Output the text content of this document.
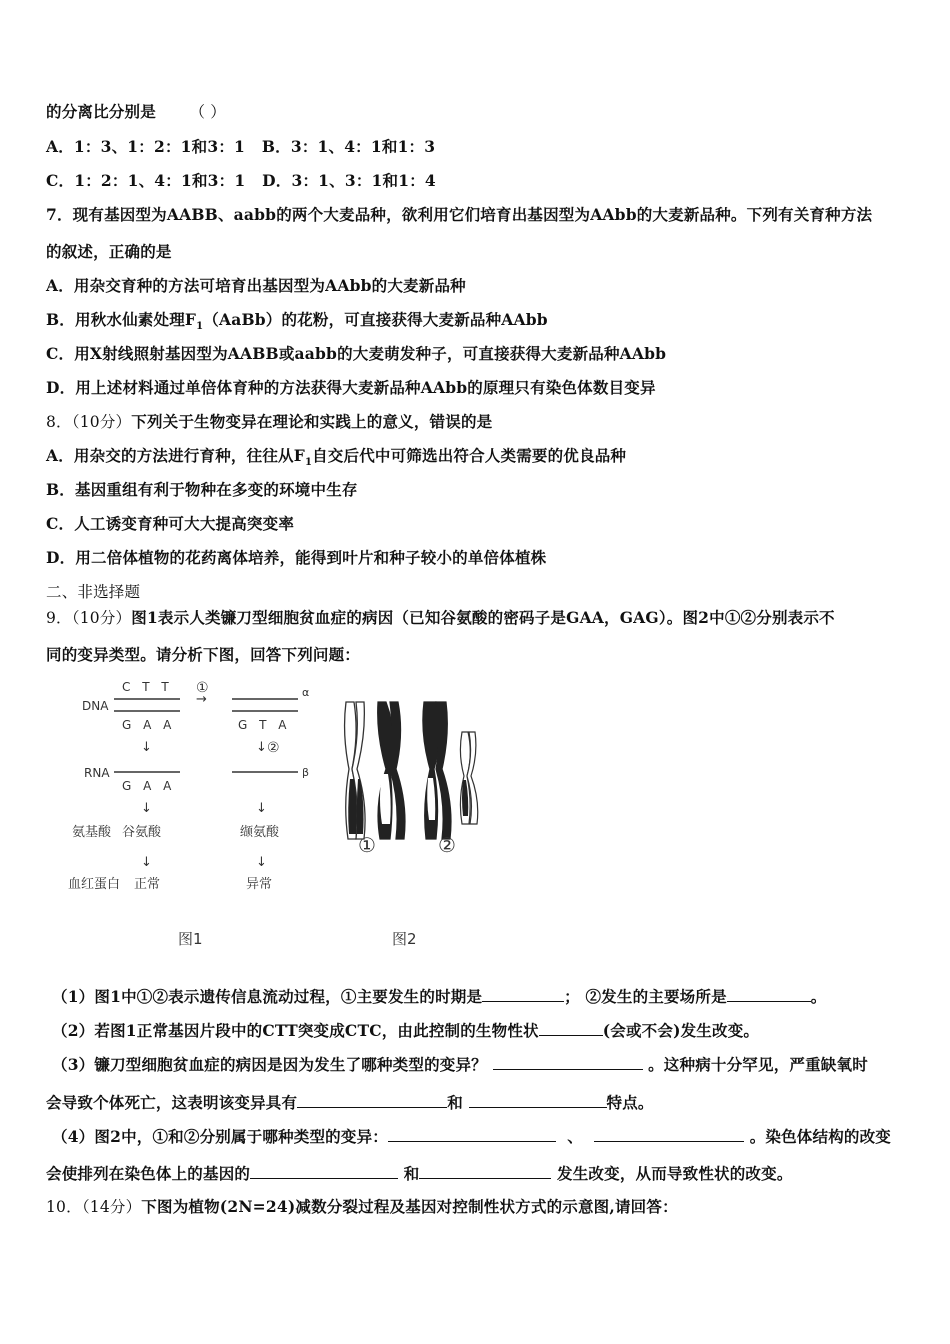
的分离比分别是 （ ）
A．1：3、1：2：1和3：1 B．3：1、4：1和1：3
C．1：2：1、4：1和3：1 D．3：1、3：1和1：4
7．现有基因型为AABB、aabb的两个大麦品种，欲利用它们培育出基因型为AAbb的大麦新品种。下列有关育种方法
的叙述，正确的是
A．用杂交育种的方法可培育出基因型为AAbb的大麦新品种
B．用秋水仙素处理$F_1(AaBb)$的花粉，可直接获得大麦新品种AAbb
C．用X射线照射基因型为AABB或aabb的大麦萌发种子，可直接获得大麦新品种AAbb
D．用上述材料通过单倍体育种的方法获得大麦新品种AAbb的原理只有染色体数目变异
8．（10分）下列关于生物变异在理论和实践上的意义，错误的是
A．用杂交的方法进行育种，往往从$F_1$自交后代中可筛选出符合人类需要的优良品种
B．基因重组有利于物种在多变的环境中生存
C．人工诱变育种可大大提高突变率
D．用二倍体植物的花药离体培养，能得到叶片和种子较小的单倍体植株
二、非选择题
9．（10分）图1表示人类镰刀型细胞贫血症的病因（已知谷氨酸的密码子是GAA，GAG）。图2中①②分别表示不
同的变异类型。请分析下图，回答下列问题：
DNA
RNA
氨基酸
血红蛋白
C T T
G A A
↓
G A A
↓
谷氨酸
↓
正常
→
①	α
G T A
↓ ②
β
↓
缬氨酸
↓
异常
①	②
图1	图2
（1）图1中①②表示遗传信息流动过程，①主要发生的时期是	； ②发生的主要场所是	。
（2）若图1正常基因片段中的CTT突变成CTC，由此控制的生物性状	(会或不会)发生改变。
（3）镰刀型细胞贫血症的病因是因为发生了哪种类型的变异？	。这种病十分罕见，严重缺氧时
会导致个体死亡，这表明该变异具有	和	特点。
（4）图2中，①和②分别属于哪种类型的变异：	、	。染色体结构的改变
会使排列在染色体上的基因的	和	发生改变，从而导致性状的改变。
10．（14分）下图为植物(2N=24)减数分裂过程及基因对控制性状方式的示意图,请回答：
